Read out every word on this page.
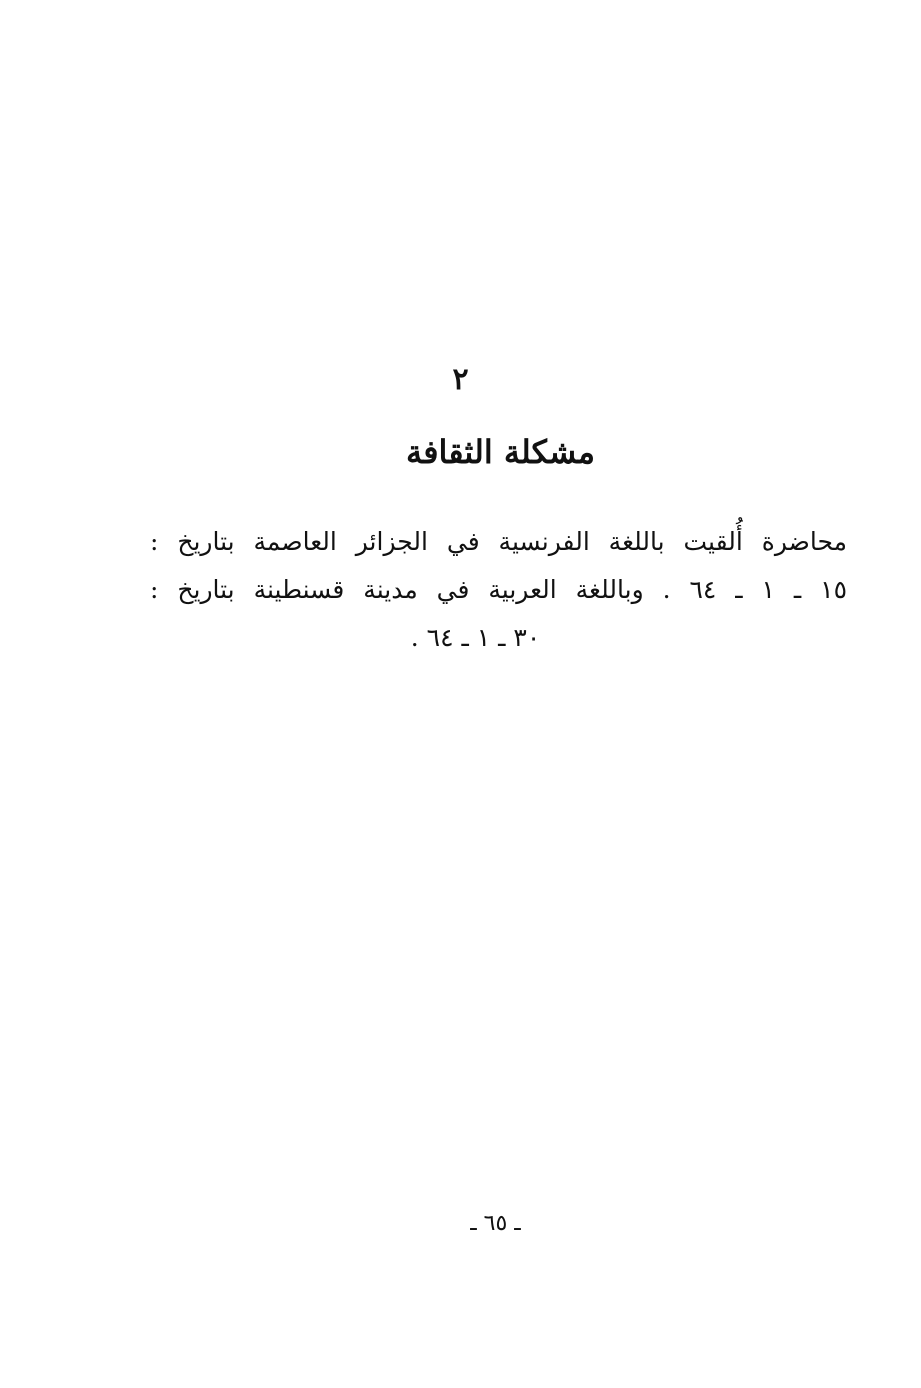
٢
مشكلة الثقافة
محاضرة أُلقيت باللغة الفرنسية في الجزائر العاصمة بتاريخ :
١٥ ـ ١ ـ ٦٤ . وباللغة العربية في مدينة قسنطينة بتاريخ :
٣٠ ـ ١ ـ ٦٤ .
ـ ٦٥ ـ
